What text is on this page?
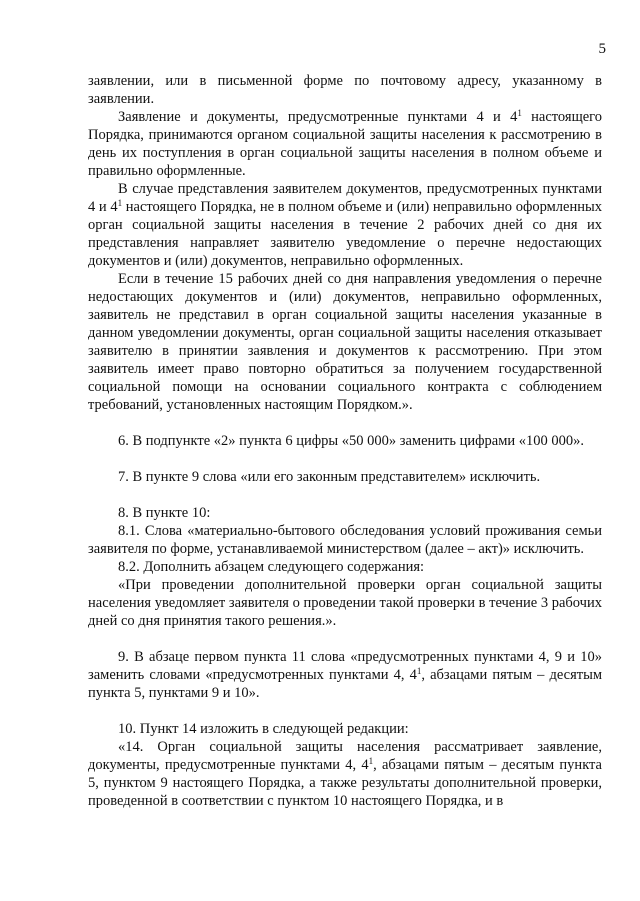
5

заявлении, или в письменной форме по почтовому адресу, указанному в заявлении.

Заявление и документы, предусмотренные пунктами 4 и $4^1$ настоящего Порядка, принимаются органом социальной защиты населения к рассмотрению в день их поступления в орган социальной защиты населения в полном объеме и правильно оформленные.

В случае представления заявителем документов, предусмотренных пунктами 4 и $4^1$ настоящего Порядка, не в полном объеме и (или) неправильно оформленных орган социальной защиты населения в течение 2 рабочих дней со дня их представления направляет заявителю уведомление о перечне недостающих документов и (или) документов, неправильно оформленных.

Если в течение 15 рабочих дней со дня направления уведомления о перечне недостающих документов и (или) документов, неправильно оформленных, заявитель не представил в орган социальной защиты населения указанные в данном уведомлении документы, орган социальной защиты населения отказывает заявителю в принятии заявления и документов к рассмотрению. При этом заявитель имеет право повторно обратиться за получением государственной социальной помощи на основании социального контракта с соблюдением требований, установленных настоящим Порядком.».

6. В подпункте «2» пункта 6 цифры «50 000» заменить цифрами «100 000».

7. В пункте 9 слова «или его законным представителем» исключить.

8. В пункте 10:

8.1. Слова «материально-бытового обследования условий проживания семьи заявителя по форме, устанавливаемой министерством (далее – акт)» исключить.

8.2. Дополнить абзацем следующего содержания:

«При проведении дополнительной проверки орган социальной защиты населения уведомляет заявителя о проведении такой проверки в течение 3 рабочих дней со дня принятия такого решения.».

9. В абзаце первом пункта 11 слова «предусмотренных пунктами 4, 9 и 10» заменить словами «предусмотренных пунктами 4, $4^1$, абзацами пятым – десятым пункта 5, пунктами 9 и 10».

10. Пункт 14 изложить в следующей редакции:

«14. Орган социальной защиты населения рассматривает заявление, документы, предусмотренные пунктами 4, $4^1$, абзацами пятым – десятым пункта 5, пунктом 9 настоящего Порядка, а также результаты дополнительной проверки, проведенной в соответствии с пунктом 10 настоящего Порядка, и в
